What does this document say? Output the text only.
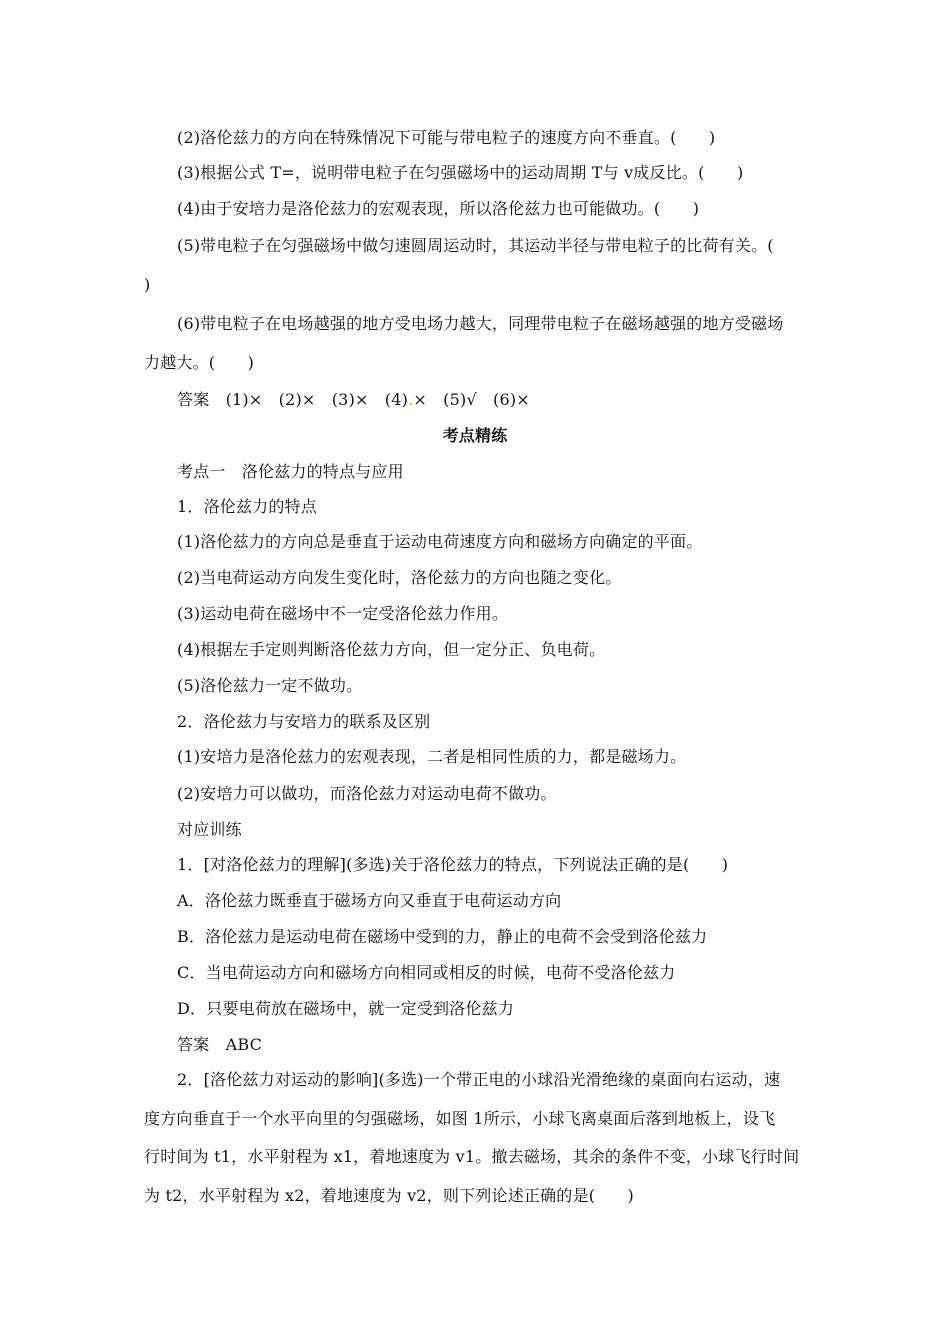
(2)洛伦兹力的方向在特殊情况下可能与带电粒子的速度方向不垂直。(　　)
(3)根据公式 T=，说明带电粒子在匀强磁场中的运动周期 T与 v成反比。(　　)
(4)由于安培力是洛伦兹力的宏观表现，所以洛伦兹力也可能做功。(　　)
(5)带电粒子在匀强磁场中做匀速圆周运动时，其运动半径与带电粒子的比荷有关。(
)
(6)带电粒子在电场越强的地方受电场力越大，同理带电粒子在磁场越强的地方受磁场
力越大。(　　)
答案　(1)×　(2)×　(3)×　(4).×　(5)√　(6)×
考点精练
考点一　洛伦兹力的特点与应用
1．洛伦兹力的特点
(1)洛伦兹力的方向总是垂直于运动电荷速度方向和磁场方向确定的平面。
(2)当电荷运动方向发生变化时，洛伦兹力的方向也随之变化。
(3)运动电荷在磁场中不一定受洛伦兹力作用。
(4)根据左手定则判断洛伦兹力方向，但一定分正、负电荷。
(5)洛伦兹力一定不做功。
2．洛伦兹力与安培力的联系及区别
(1)安培力是洛伦兹力的宏观表现，二者是相同性质的力，都是磁场力。
(2)安培力可以做功，而洛伦兹力对运动电荷不做功。
对应训练
1．[对洛伦兹力的理解](多选)关于洛伦兹力的特点，下列说法正确的是(　　)
A．洛伦兹力既垂直于磁场方向又垂直于电荷运动方向
B．洛伦兹力是运动电荷在磁场中受到的力，静止的电荷不会受到洛伦兹力
C．当电荷运动方向和磁场方向相同或相反的时候，电荷不受洛伦兹力
D．只要电荷放在磁场中，就一定受到洛伦兹力
答案　ABC
2．[洛伦兹力对运动的影响](多选)一个带正电的小球沿光滑绝缘的桌面向右运动，速
度方向垂直于一个水平向里的匀强磁场，如图 1所示，小球飞离桌面后落到地板上，设飞
行时间为 t1，水平射程为 x1，着地速度为 v1。撤去磁场，其余的条件不变，小球飞行时间
为 t2，水平射程为 x2，着地速度为 v2，则下列论述正确的是(　　)
